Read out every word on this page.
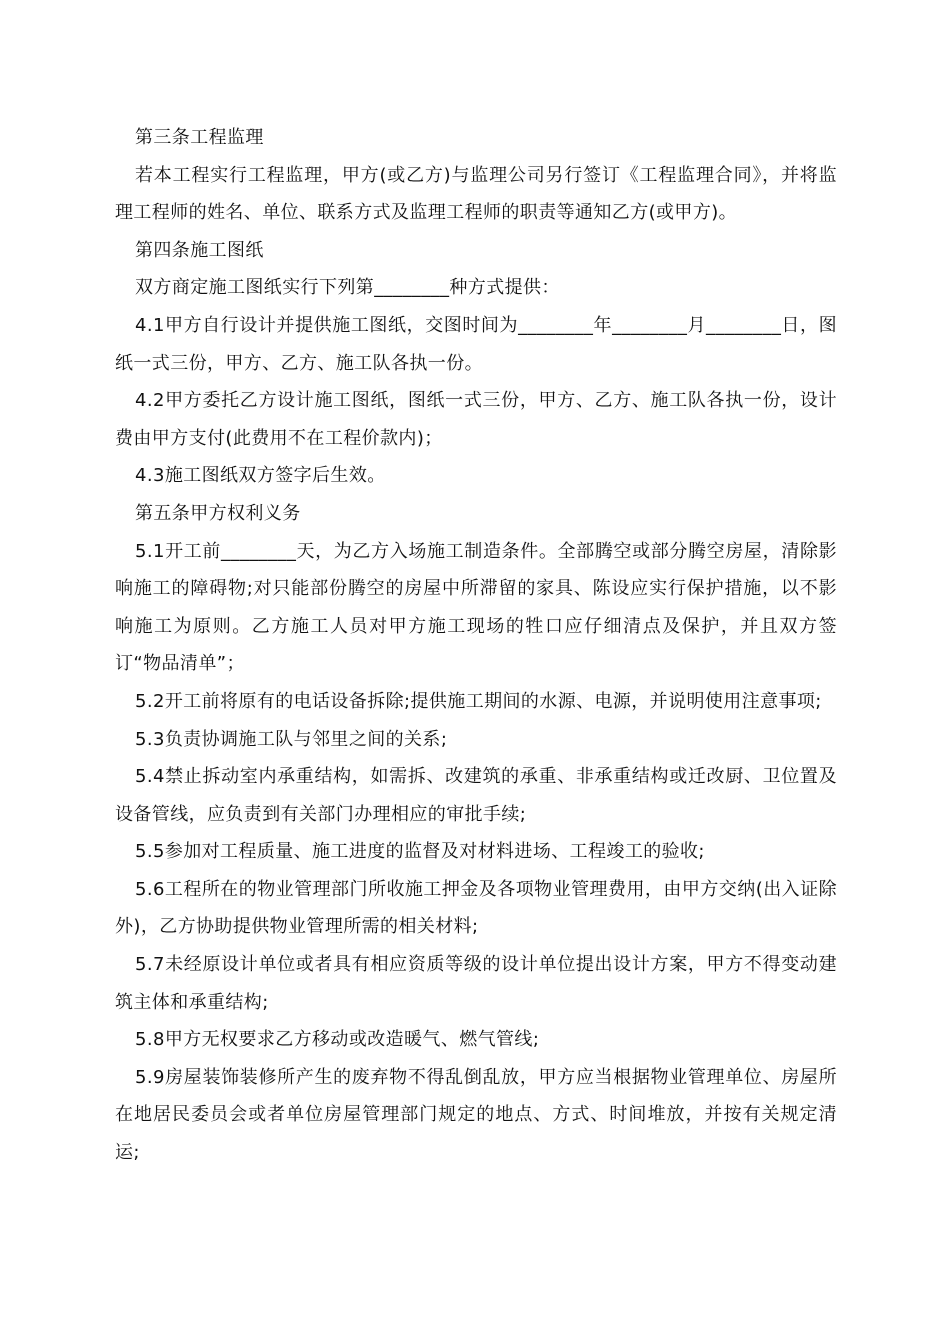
第三条工程监理

若本工程实行工程监理，甲方(或乙方)与监理公司另行签订《工程监理合同》，并将监理工程师的姓名、单位、联系方式及监理工程师的职责等通知乙方(或甲方)。

第四条施工图纸

双方商定施工图纸实行下列第________种方式提供：

4.1甲方自行设计并提供施工图纸，交图时间为________年________月________日，图纸一式三份，甲方、乙方、施工队各执一份。

4.2甲方委托乙方设计施工图纸，图纸一式三份，甲方、乙方、施工队各执一份，设计费由甲方支付(此费用不在工程价款内)；

4.3施工图纸双方签字后生效。

第五条甲方权利义务

5.1开工前________天，为乙方入场施工制造条件。全部腾空或部分腾空房屋，清除影响施工的障碍物;对只能部份腾空的房屋中所滞留的家具、陈设应实行保护措施，以不影响施工为原则。乙方施工人员对甲方施工现场的牲口应仔细清点及保护，并且双方签订“物品清单”；

5.2开工前将原有的电话设备拆除;提供施工期间的水源、电源，并说明使用注意事项;

5.3负责协调施工队与邻里之间的关系;

5.4禁止拆动室内承重结构，如需拆、改建筑的承重、非承重结构或迁改厨、卫位置及设备管线，应负责到有关部门办理相应的审批手续;

5.5参加对工程质量、施工进度的监督及对材料进场、工程竣工的验收;

5.6工程所在的物业管理部门所收施工押金及各项物业管理费用，由甲方交纳(出入证除外)，乙方协助提供物业管理所需的相关材料;

5.7未经原设计单位或者具有相应资质等级的设计单位提出设计方案，甲方不得变动建筑主体和承重结构;

5.8甲方无权要求乙方移动或改造暖气、燃气管线;

5.9房屋装饰装修所产生的废弃物不得乱倒乱放，甲方应当根据物业管理单位、房屋所在地居民委员会或者单位房屋管理部门规定的地点、方式、时间堆放，并按有关规定清运;
